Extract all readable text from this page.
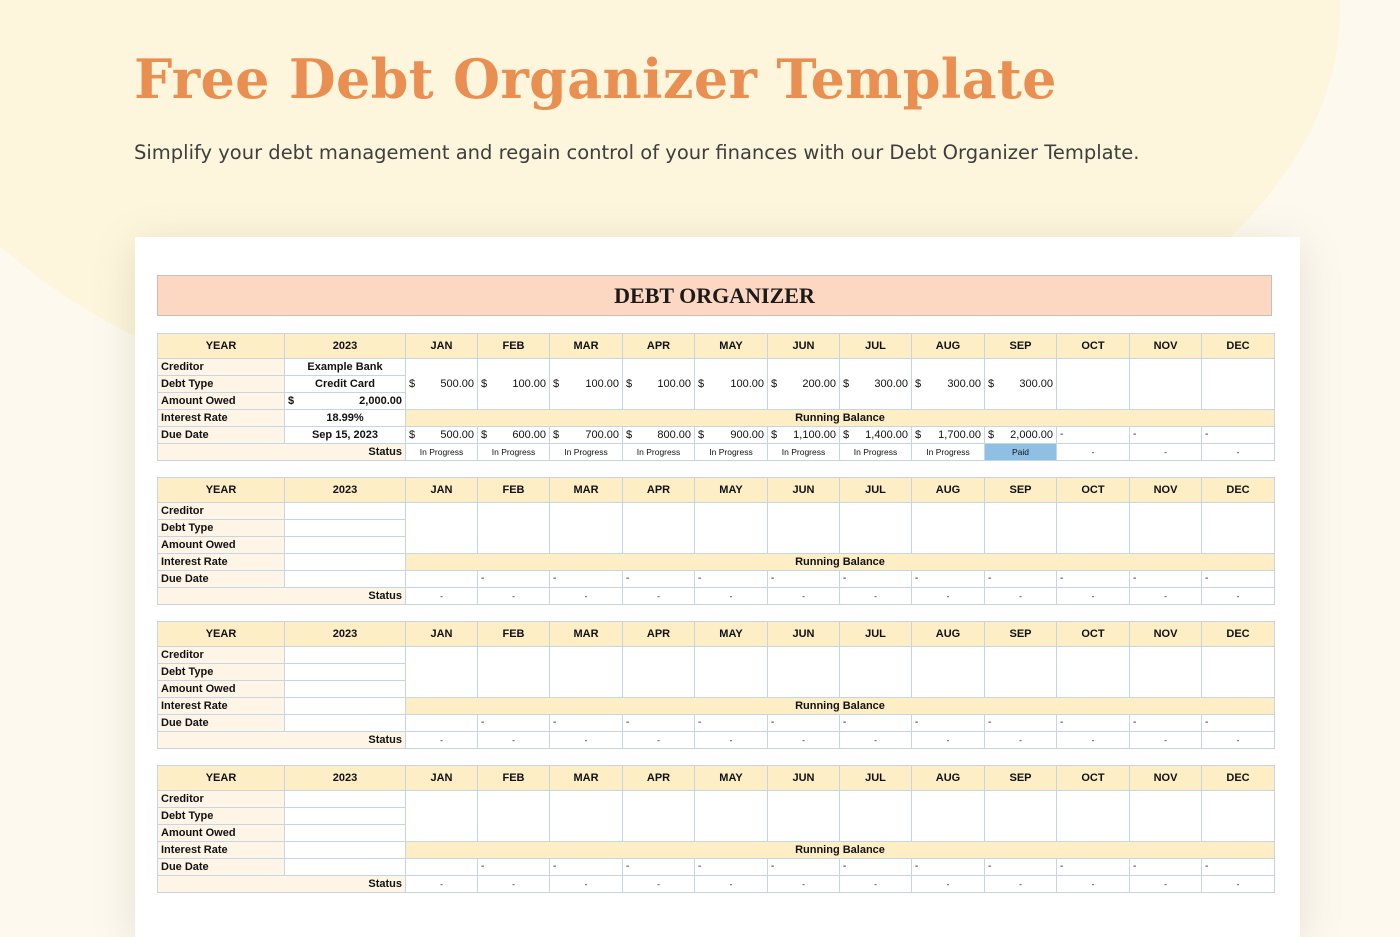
Free Debt Organizer Template
Simplify your debt management and regain control of your finances with our Debt Organizer Template.
DEBT ORGANIZER
YEAR	2023	JAN	FEB	MAR	APR	MAY	JUN	JUL	AUG	SEP	OCT	NOV	DEC
Creditor	Example Bank	$ 500.00	$ 100.00	$ 100.00	$ 100.00	$ 100.00	$ 200.00	$ 300.00	$ 300.00	$ 300.00			

Debt Type	Credit Card												
Amount Owed	$ 2,000.00												

Interest Rate	18.99%	Running Balance											
Due Date	Sep 15, 2023	$ 500.00	$ 600.00	$ 700.00	$ 800.00	$ 900.00	$ 1,100.00	$ 1,400.00	$ 1,700.00	$ 2,000.00	-	-	-
Status		In Progress	In Progress	In Progress	In Progress	In Progress	In Progress	In Progress	In Progress	Paid	-	-	-
YEAR	2023	JAN	FEB	MAR	APR	MAY	JUN	JUL	AUG	SEP	OCT	NOV	DEC
Creditor													
Debt Type													
Amount Owed													
Interest Rate		Running Balance											
Due Date			-	-	-	-	-	-	-	-	-	-	-
Status		-	-	-	-	-	-	-	-	-	-	-	-
YEAR	2023	JAN	FEB	MAR	APR	MAY	JUN	JUL	AUG	SEP	OCT	NOV	DEC
Creditor													
Debt Type													
Amount Owed													
Interest Rate		Running Balance											
Due Date			-	-	-	-	-	-	-	-	-	-	-
Status		-	-	-	-	-	-	-	-	-	-	-	-
YEAR	2023	JAN	FEB	MAR	APR	MAY	JUN	JUL	AUG	SEP	OCT	NOV	DEC
Creditor													
Debt Type													
Amount Owed													
Interest Rate		Running Balance											
Due Date			-	-	-	-	-	-	-	-	-	-	-
Status		-	-	-	-	-	-	-	-	-	-	-	-
